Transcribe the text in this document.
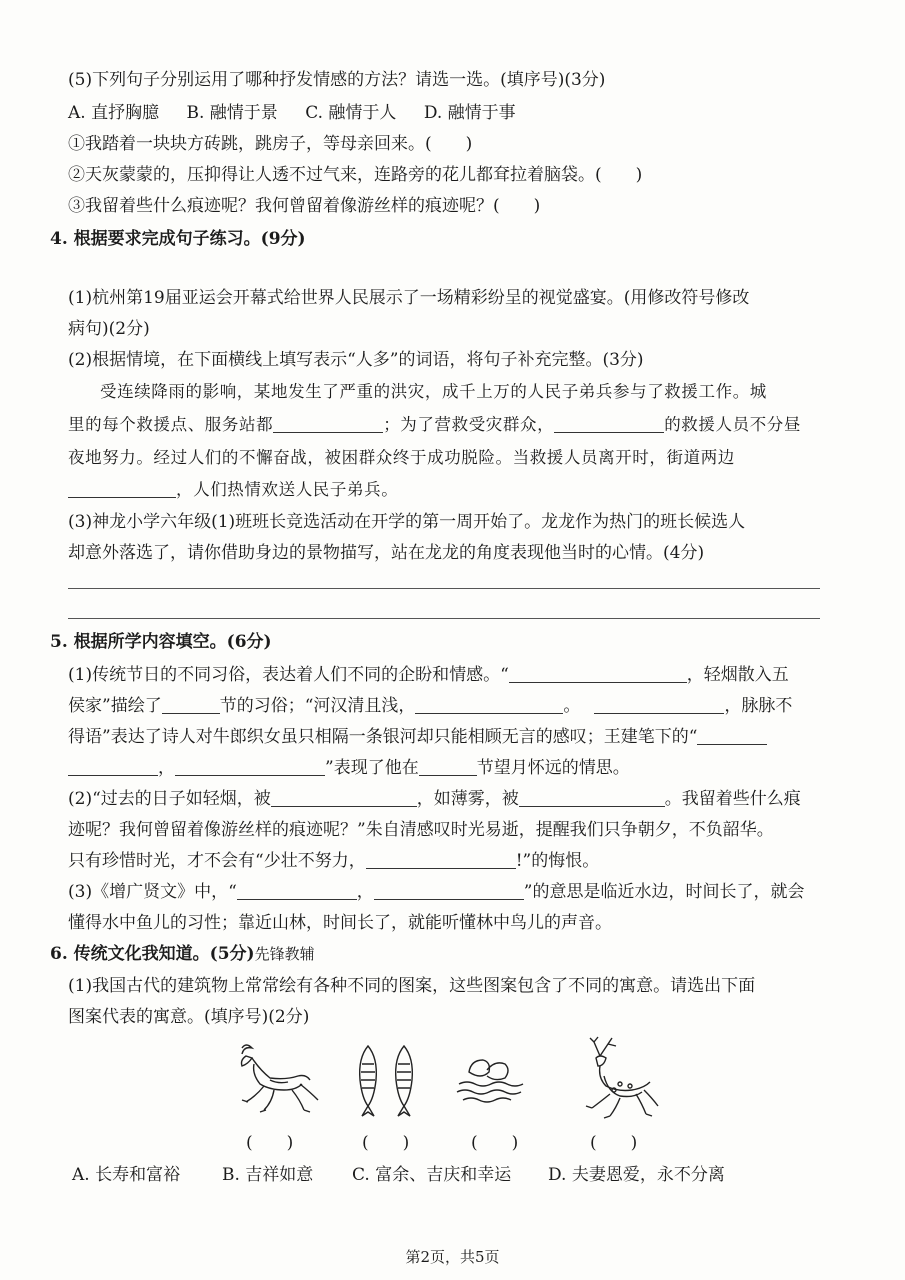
(5)下列句子分别运用了哪种抒发情感的方法？请选一选。(填序号)(3分)
A. 直抒胸臆 B. 融情于景 C. 融情于人 D. 融情于事
①我踏着一块块方砖跳，跳房子，等母亲回来。(　　)
②天灰蒙蒙的，压抑得让人透不过气来，连路旁的花儿都耷拉着脑袋。(　　)
③我留着些什么痕迹呢？我何曾留着像游丝样的痕迹呢？(　　)
4. 根据要求完成句子练习。(9分)
(1)杭州第19届亚运会开幕式给世界人民展示了一场精彩纷呈的视觉盛宴。(用修改符号修改
病句)(2分)
(2)根据情境，在下面横线上填写表示“人多”的词语，将句子补充完整。(3分)
受连续降雨的影响，某地发生了严重的洪灾，成千上万的人民子弟兵参与了救援工作。城
里的每个救援点、服务站都	；为了营救受灾群众，	的救援人员不分昼
夜地努力。经过人们的不懈奋战，被困群众终于成功脱险。当救援人员离开时，街道两边
，人们热情欢送人民子弟兵。
(3)神龙小学六年级(1)班班长竞选活动在开学的第一周开始了。龙龙作为热门的班长候选人
却意外落选了，请你借助身边的景物描写，站在龙龙的角度表现他当时的心情。(4分)
5. 根据所学内容填空。(6分)
(1)传统节日的不同习俗，表达着人们不同的企盼和情感。“	，轻烟散入五
侯家”描绘了	节的习俗；“河汉清且浅，	。	，脉脉不
得语”表达了诗人对牛郎织女虽只相隔一条银河却只能相顾无言的感叹；王建笔下的“
，	”表现了他在	节望月怀远的情思。
(2)“过去的日子如轻烟，被	，如薄雾，被	。我留着些什么痕
迹呢？我何曾留着像游丝样的痕迹呢？”朱自清感叹时光易逝，提醒我们只争朝夕，不负韶华。
只有珍惜时光，才不会有“少壮不努力，	!”的悔恨。
(3)《增广贤文》中，“	，	”的意思是临近水边，时间长了，就会
懂得水中鱼儿的习性；靠近山林，时间长了，就能听懂林中鸟儿的声音。
6. 传统文化我知道。(5分)先锋教辅
(1)我国古代的建筑物上常常绘有各种不同的图案，这些图案包含了不同的寓意。请选出下面
图案代表的寓意。(填序号)(2分)
(　　)	(　　)	(　　)	(　　)
A. 长寿和富裕 B. 吉祥如意 C. 富余、吉庆和幸运 D. 夫妻恩爱，永不分离
第2页，共5页
